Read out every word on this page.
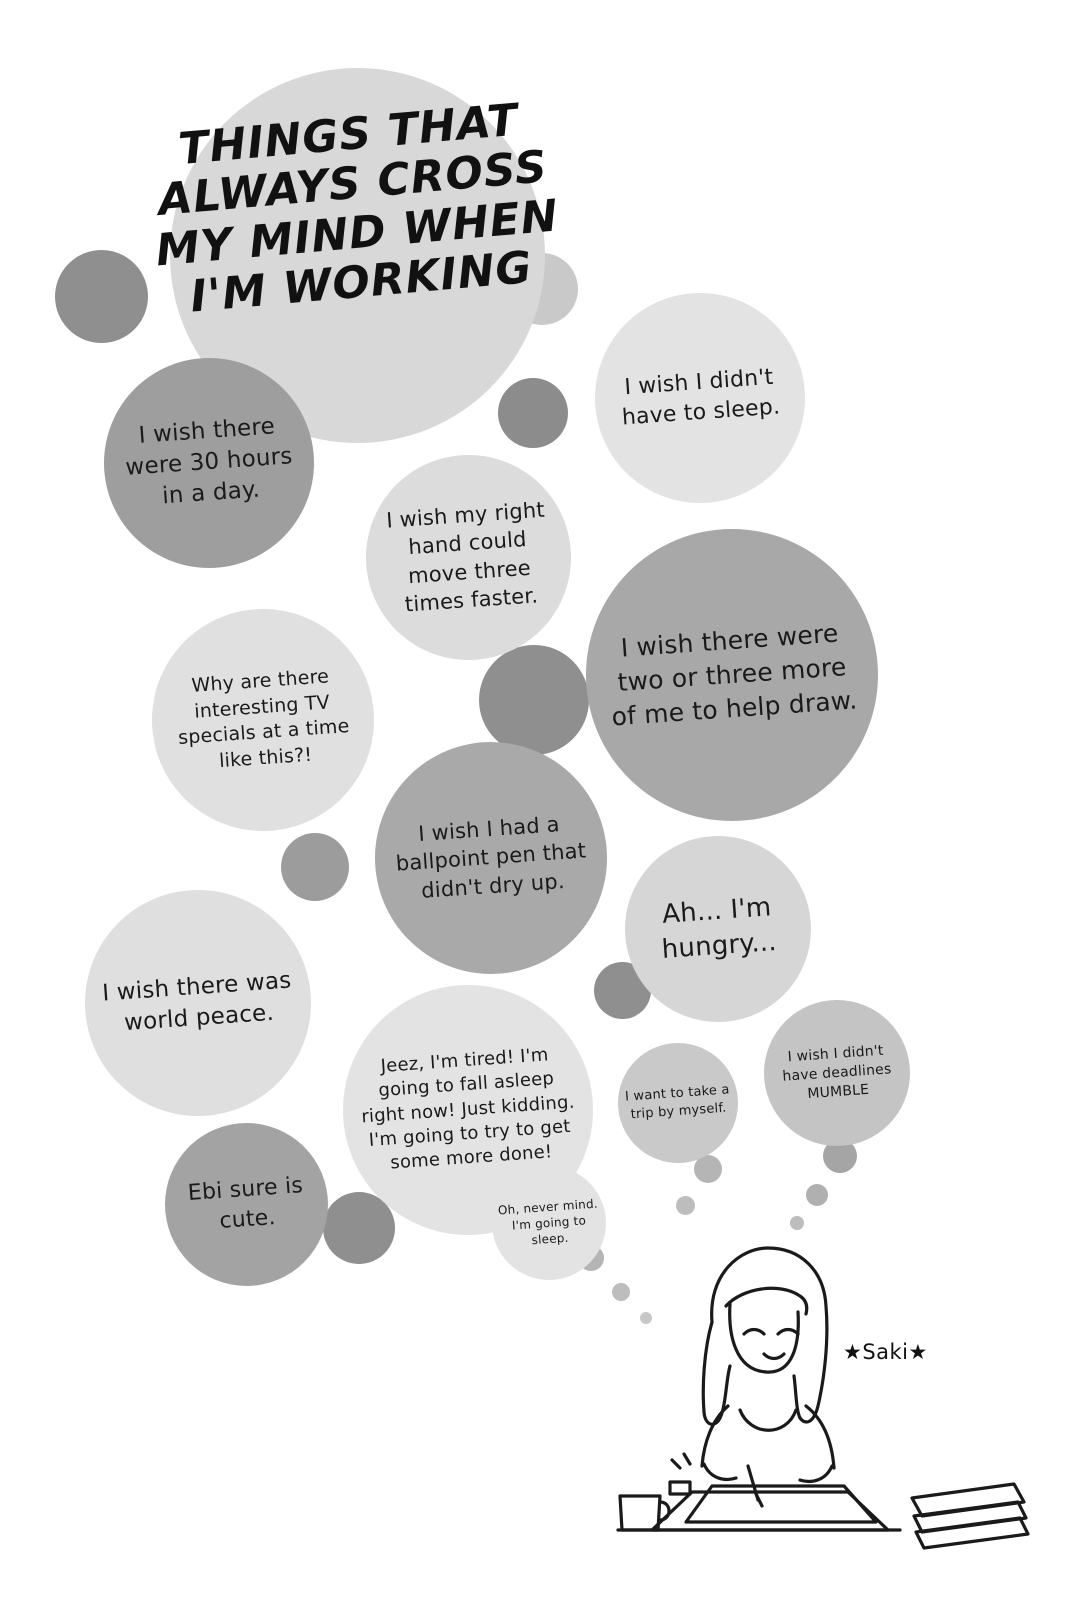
I wish there were 30 hours in a day.
I wish I didn't have to sleep.
I wish my right hand could move three times faster.
I wish there were two or three more of me to help draw.
Why are there interesting TV specials at a time like this?!
I wish I had a ballpoint pen that didn't dry up.
I wish there was world peace.
Ah... I'm hungry...
Jeez, I'm tired! I'm going to fall asleep right now! Just kidding. I'm going to try to get some more done!
I want to take a trip by myself.
I wish I didn't have deadlines MUMBLE
Ebi sure is cute.	Oh, never mind. I'm going to sleep.
THINGS THAT ALWAYS CROSS MY MIND WHEN I'M WORKING
★Saki★
